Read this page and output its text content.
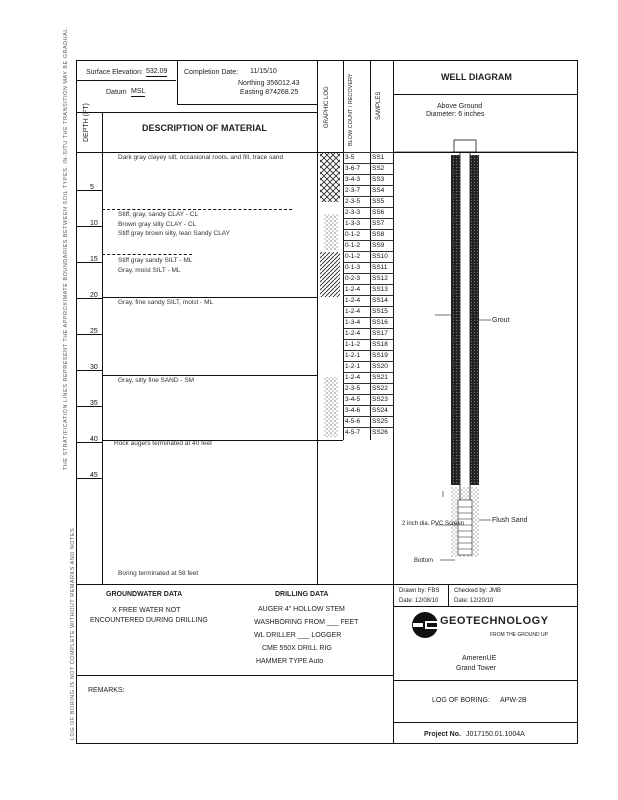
THE STRATIFICATION LINES REPRESENT THE APPROXIMATE BOUNDARIES BETWEEN SOIL TYPES. IN-SITU THE TRANSITION MAY BE GRADUAL.
LOG OF BORING IS NOT COMPLETE WITHOUT REMARKS AND NOTES
Surface Elevation: 532.09 Completion Date: 11/15/10
Datum MSL
Northing 356012.43
Easting 874268.25
DEPTH (FT)	DESCRIPTION OF MATERIAL	GRAPHIC LOG	BLOW COUNT / RECOVERY	SAMPLES
5
10
15
20
25
30
35
40
45
Dark gray clayey silt, occasional roots, and fill, trace sand
Stiff, gray, sandy CLAY - CL
Brown gray silty CLAY - CL
Stiff gray brown silty, lean Sandy CLAY
Stiff gray sandy SILT - ML
Gray, moist SILT - ML
Gray, fine sandy SILT, moist - ML
Gray, silty fine SAND - SM
Rock augers terminated at 40 feet
Boring terminated at 58 feet
3-5	SS1
3-6-7 SS2
3-4-3 SS3
2-3-7 SS4
2-3-5 SS5
2-3-3 SS6
1-3-3 SS7
0-1-2 SS8
0-1-2 SS9
0-1-2 SS10
0-1-3 SS11
0-2-3 SS12
1-2-4 SS13
1-2-4 SS14
1-2-4 SS15
1-3-4 SS16
1-2-4 SS17
1-1-2 SS18
1-2-1 SS19
1-2-1 SS20
1-2-4 SS21
2-3-5 SS22
3-4-5 SS23
3-4-6 SS24
4-5-6 SS25
4-5-7 SS26
WELL DIAGRAM
Above Ground
Diameter: 6 inches
Grout
2 inch dia. PVC Screen	Flush Sand
Bottom
GROUNDWATER DATA
X FREE WATER NOT
ENCOUNTERED DURING DRILLING
DRILLING DATA
AUGER 4" HOLLOW STEM
WASHBORING FROM ___ FEET
WL DRILLER ___ LOGGER
CME 550X DRILL RIG
HAMMER TYPE Auto
REMARKS:
Drawn by: FBS Checked by: JMB
Date: 12/08/10	Date: 12/20/10
GEOTECHNOLOGY
FROM THE GROUND UP
AmerenUE
Grand Tower
LOG OF BORING: APW-2B
Project No. J017150.01.1004A
